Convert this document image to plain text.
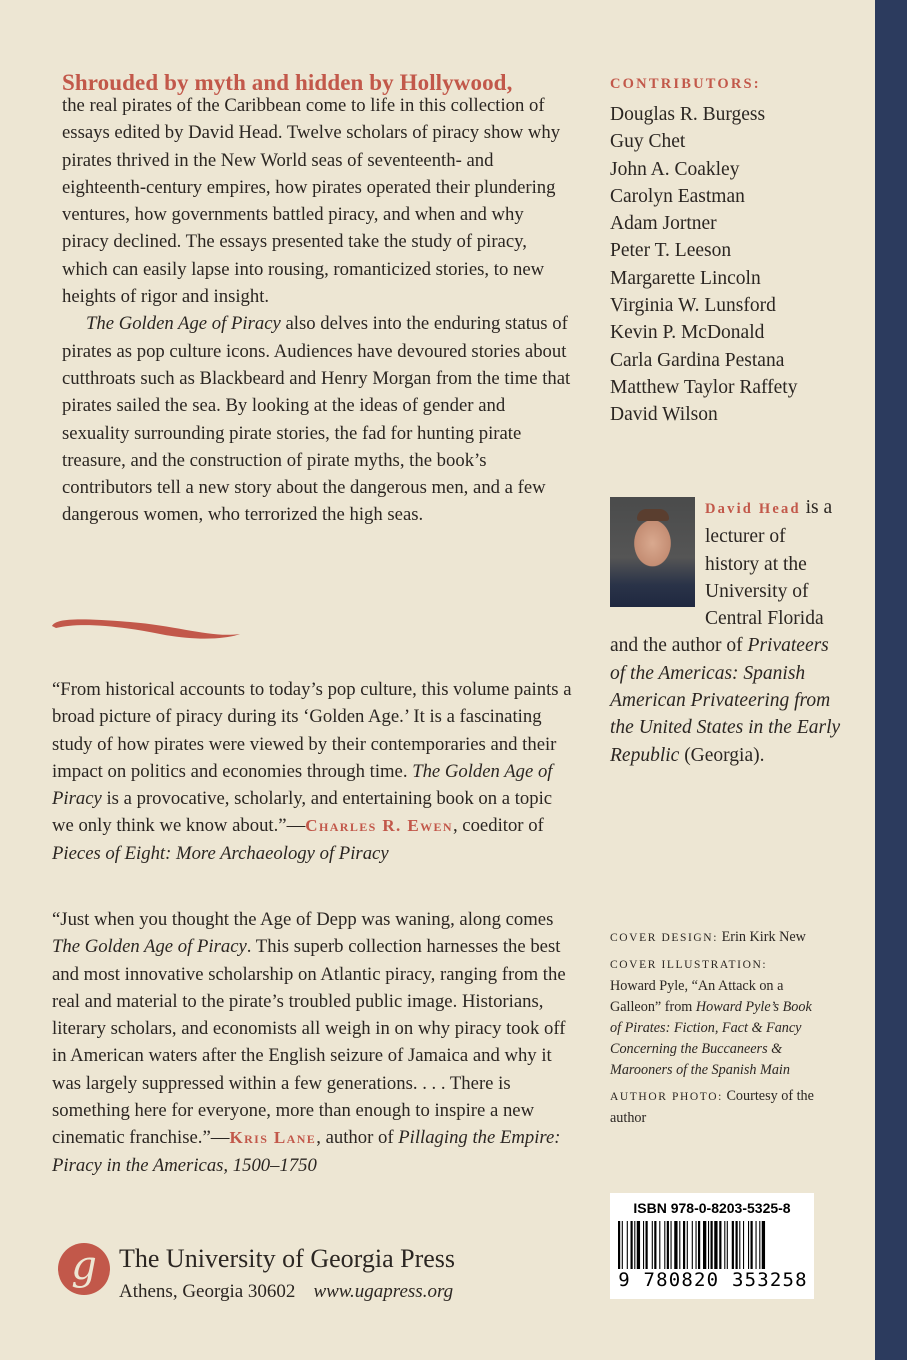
Shrouded by myth and hidden by Hollywood,

the real pirates of the Caribbean come to life in this collection of essays edited by David Head. Twelve scholars of piracy show why pirates thrived in the New World seas of seventeenth- and eighteenth-century empires, how pirates operated their plundering ventures, how governments battled piracy, and when and why piracy declined. The essays presented take the study of piracy, which can easily lapse into rousing, romanticized stories, to new heights of rigor and insight.

The Golden Age of Piracy also delves into the enduring status of pirates as pop culture icons. Audiences have devoured stories about cutthroats such as Blackbeard and Henry Morgan from the time that pirates sailed the sea. By looking at the ideas of gender and sexuality surrounding pirate stories, the fad for hunting pirate treasure, and the construction of pirate myths, the book’s contributors tell a new story about the dangerous men, and a few dangerous women, who terrorized the high seas.

“From historical accounts to today’s pop culture, this volume paints a broad picture of piracy during its ‘Golden Age.’ It is a fascinating study of how pirates were viewed by their contemporaries and their impact on politics and economies through time. The Golden Age of Piracy is a provocative, scholarly, and entertaining book on a topic we only think we know about.”—Charles R. Ewen, coeditor of Pieces of Eight: More Archaeology of Piracy

“Just when you thought the Age of Depp was waning, along comes The Golden Age of Piracy. This superb collection harnesses the best and most innovative scholarship on Atlantic piracy, ranging from the real and material to the pirate’s troubled public image. Historians, literary scholars, and economists all weigh in on why piracy took off in American waters after the English seizure of Jamaica and why it was largely suppressed within a few generations. . . . There is something here for everyone, more than enough to inspire a new cinematic franchise.”—Kris Lane, author of Pillaging the Empire: Piracy in the Americas, 1500–1750

g The University of Georgia Press
Athens, Georgia 30602 www.ugapress.org
CONTRIBUTORS:
Douglas R. Burgess
Guy Chet
John A. Coakley
Carolyn Eastman
Adam Jortner
Peter T. Leeson
Margarette Lincoln
Virginia W. Lunsford
Kevin P. McDonald
Carla Gardina Pestana
Matthew Taylor Raffety
David Wilson
David Head is a lecturer of history at the University of Central Florida and the author of Privateers of the Americas: Spanish American Privateering from the United States in the Early Republic (Georgia).

COVER DESIGN: Erin Kirk New

COVER ILLUSTRATION:
Howard Pyle, “An Attack on a Galleon” from Howard Pyle’s Book of Pirates: Fiction, Fact & Fancy Concerning the Buccaneers & Marooners of the Spanish Main

AUTHOR PHOTO: Courtesy of the author

ISBN 978-0-8203-5325-8
9 780820 353258
